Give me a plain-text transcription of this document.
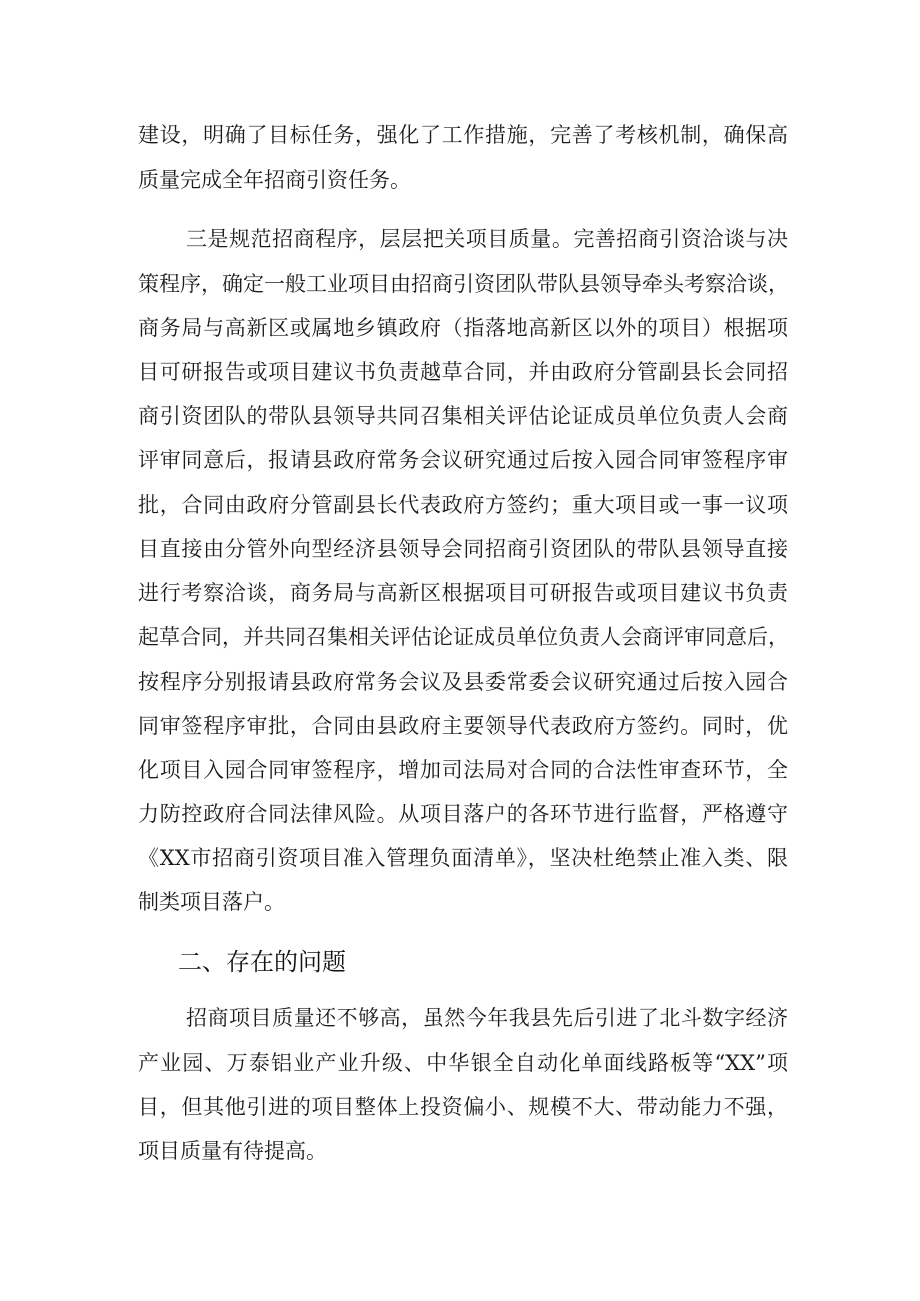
建设，明确了目标任务，强化了工作措施，完善了考核机制，确保高
质量完成全年招商引资任务。
三是规范招商程序，层层把关项目质量。完善招商引资洽谈与决
策程序，确定一般工业项目由招商引资团队带队县领导牵头考察洽谈，
商务局与高新区或属地乡镇政府（指落地高新区以外的项目）根据项
目可研报告或项目建议书负责越草合同，并由政府分管副县长会同招
商引资团队的带队县领导共同召集相关评估论证成员单位负责人会商
评审同意后，报请县政府常务会议研究通过后按入园合同审签程序审
批，合同由政府分管副县长代表政府方签约；重大项目或一事一议项
目直接由分管外向型经济县领导会同招商引资团队的带队县领导直接
进行考察洽谈，商务局与高新区根据项目可研报告或项目建议书负责
起草合同，并共同召集相关评估论证成员单位负责人会商评审同意后，
按程序分别报请县政府常务会议及县委常委会议研究通过后按入园合
同审签程序审批，合同由县政府主要领导代表政府方签约。同时，优
化项目入园合同审签程序，增加司法局对合同的合法性审查环节，全
力防控政府合同法律风险。从项目落户的各环节进行监督，严格遵守
《XX市招商引资项目准入管理负面清单》，坚决杜绝禁止准入类、限
制类项目落户。
二、存在的问题
招商项目质量还不够高，虽然今年我县先后引进了北斗数字经济
产业园、万泰铝业产业升级、中华银全自动化单面线路板等“XX”项
目，但其他引进的项目整体上投资偏小、规模不大、带动能力不强，
项目质量有待提高。
